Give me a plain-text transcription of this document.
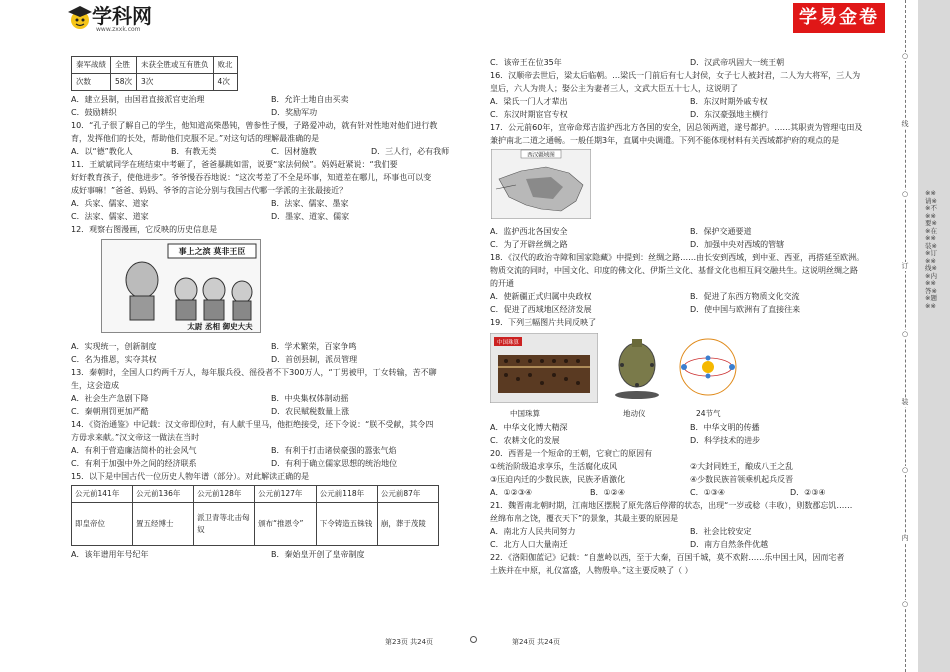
学科网
www.zxxk.com
学易金卷
秦军战绩	全胜	未获全胜或互有胜负	败北
次数	58次	3次	4次
A．建立县制，由国君直接派官吏治理	B．允许土地自由买卖
C．鼓励耕织	D．奖励军功

10．“孔子很了解自己的学生，他知道高柴愚钝，曾参性子慢，子路爱冲动，就有针对性地对他们进行教

育，发挥他们的长处，帮助他们克服不足。”对这句话的理解最准确的是

A．以“德”教化人	B．有教无类	C．因材施教	D．三人行，必有我师

11．王斌斌同学在班结束中考砸了，爸爸暴跳如雷，说要“家法伺候”。妈妈赶紧说：“我们要

好好教育孩子，使他进步”。爷爷慢吞吞地说：“这次考差了不全是坏事，知道差在哪儿，坏事也可以变

成好事嘛！”爸爸、妈妈、爷爷的言论分别与我国古代哪一学派的主张最接近？

A．兵家、儒家、道家	B．法家、儒家、墨家
C．法家、儒家、道家	D．墨家、道家、儒家

12．观察右图漫画，它反映的历史信息是

事上之滨 莫非王臣
太尉 丞相 御史大夫
A．实现统一，创新制度	B．学术繁荣，百家争鸣
C．名为推恩，实夺其权	D．首创县制，派员管理

13．秦朝时，全国人口约两千万人，每年服兵役、徭役者不下300万人，“丁男被甲，丁女转输，苦不聊

生，这会造成

A．社会生产急剧下降	B．中央集权体制动摇
C．秦朝刑罚更加严酷	D．农民赋税数量上涨

14．《资治通鉴》中记载：汉文帝即位时，有人献千里马，他拒绝接受，还下令说：“朕不受献，其令四

方毋求来献。”汉文帝这一做法在当时

A．有利于营造廉洁简朴的社会风气	B．有利于打击诸侯豪强的嚣张气焰
C．有利于加强中外之间的经济联系	D．有利于确立儒家思想的统治地位

15．以下是中国古代一位历史人物年谱（部分）。对此解读正确的是

公元前141年	公元前136年	公元前128年	公元前127年	公元前118年	公元前87年
即皇帝位	置五经博士	派卫青等北击匈奴	颁布“推恩令”	下令铸造五铢钱	崩，葬于茂陵
A．该年谱用年号纪年	B．秦始皇开创了皇帝制度
C．该帝王在位35年	D．汉武帝巩固大一统王朝

16．汉顺帝去世后，梁太后临朝。…梁氏一门前后有七人封侯，女子七人被封君，二人为大将军，三人为

皇后，六人为贵人；娶公主为妻者三人，文武大臣五十七人，这说明了

A．梁氏一门人才辈出	B．东汉时期外戚专权
C．东汉时期宦官专权	D．东汉豪强地主横行

17．公元前60年，宣帝命郑吉监护西北方各国的安全，因总领两道，遂号都护。……其职责为管理屯田及

兼护南北二道之通畅。一般任期3年，直属中央调遣。下列不能体现材料有关西域都护府的观点的是

西汉疆域图
A．监护西北各国安全	B．保护交通要道
C．为了开辟丝绸之路	D．加强中央对西域的管辖

18．《汉代的政治寺障和国家隐藏》中提到：丝绸之路……由长安到西域，到中亚、西亚，再搭延至欧洲。

物质交流的同时，中国文化、印度的佛文化、伊斯兰文化、基督文化也相互间交融共生。这说明丝绸之路

的开通

A．使新疆正式归属中央政权	B．促进了东西方物质文化交流
C．促进了西域地区经济发展	D．使中国与欧洲有了直接往来

19．下列三幅图片共同反映了

中国珠算
中国珠算	地动仪	24节气
A．中华文化博大精深	B．中华文明的传播
C．农耕文化的发展	D．科学技术的进步

20．西晋是一个短命的王朝，它衰亡的原因有

①统治阶级追求享乐，生活腐化成风	②大封同姓王，酿成八王之乱
③压迫内迁的少数民族，民族矛盾激化	④少数民族首领乘机起兵反晋
A．①②③④	B．①②④	C．①③④	D．②③④

21．魏晋南北朝时期，江南地区摆脱了原先落后停滞的状态，出现“一岁或稔（丰收），则数郡忘饥……

丝绵布帛之饶，覆衣天下”的景象，其最主要的原因是

A．南北方人民共同努力	B．社会比较安定
C．北方人口大量南迁	D．南方自然条件优越

22．《洛阳伽蓝记》记载：“自葱岭以西，至于大秦，百国千城，莫不欢附……乐中国土风，因而宅者

土族并在中原，礼仪富盛，人物殷阜。”这主要反映了（ ）

第23页 共24页	第24页 共24页
※※请※※不※※要※※在※※装※※订※※线※※内※※答※※题※※
○
线
○
订
○
装
○
内
○
